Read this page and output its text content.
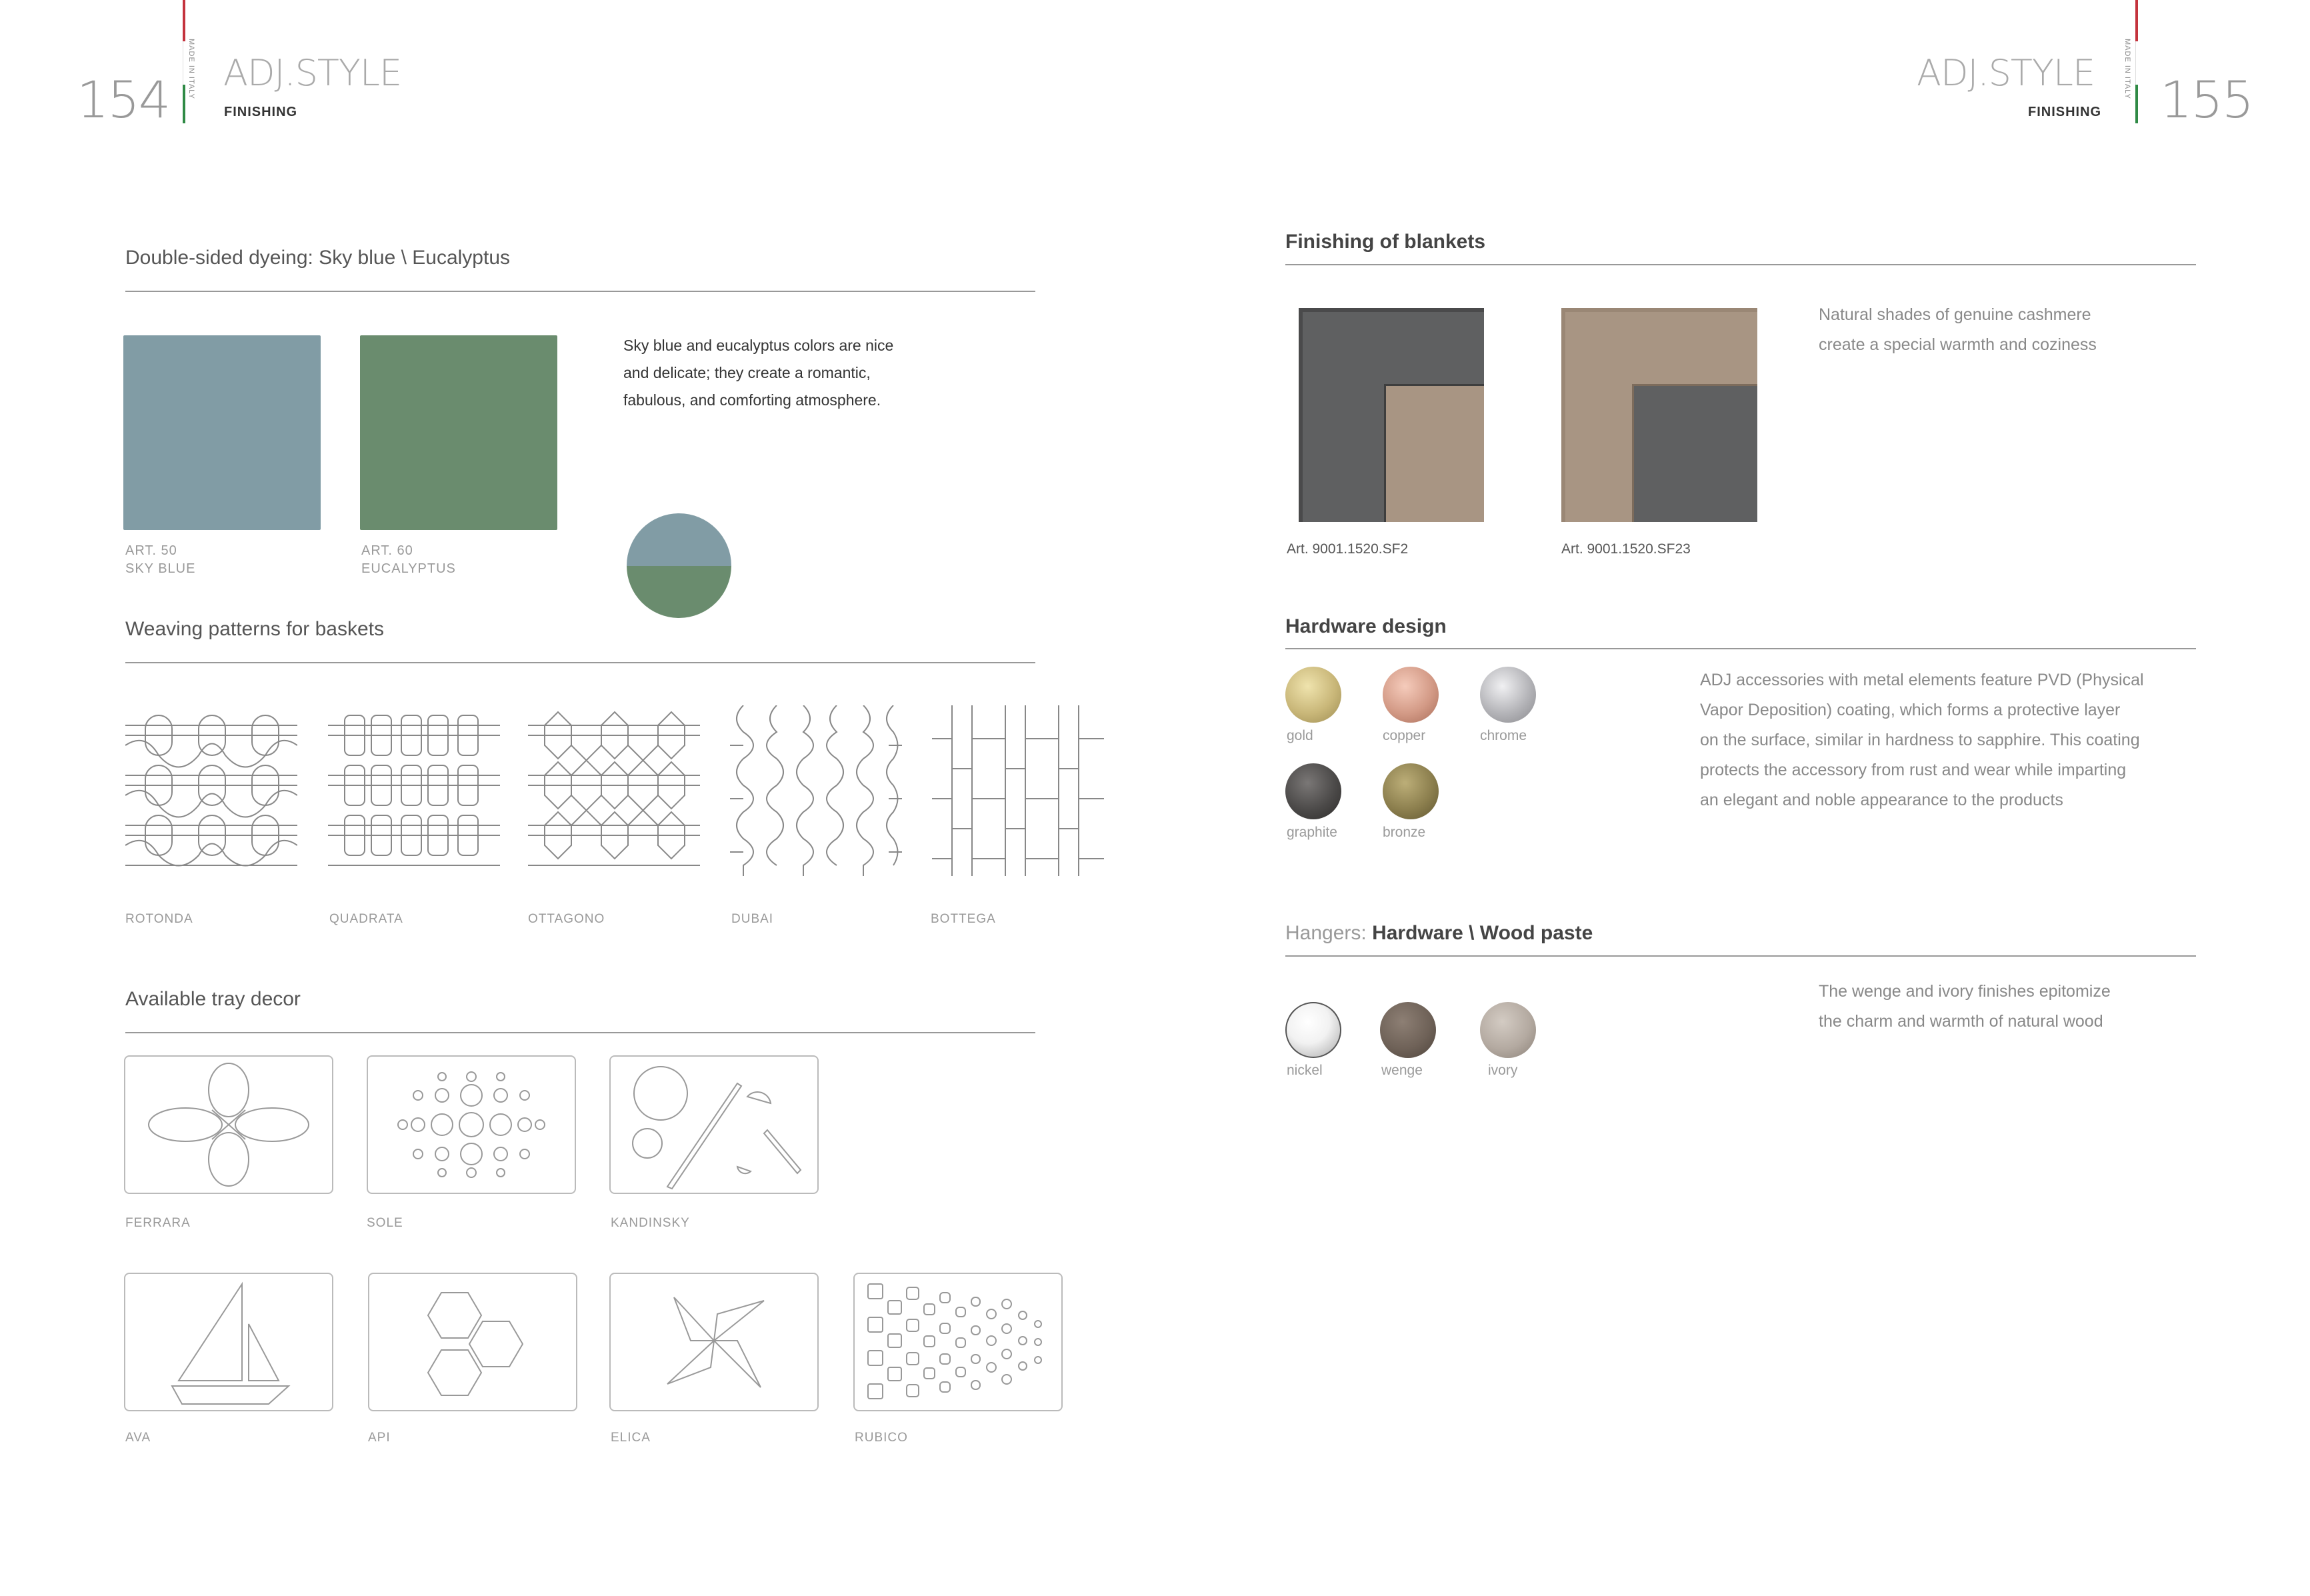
154
MADE IN ITALY ADJ.STYLE
FINISHING
ADJ.STYLE
FINISHING
MADE IN ITALY
155
Double-sided dyeing: Sky blue \ Eucalyptus
ART. 50
SKY BLUE
ART. 60
EUCALYPTUS
Sky blue and eucalyptus colors are nice
and delicate; they create a romantic,
fabulous, and comforting atmosphere.
Weaving patterns for baskets
ROTONDA	QUADRATA	OTTAGONO	DUBAI	BOTTEGA
Available tray decor
FERRARA	SOLE	KANDINSKY
AVA	API	ELICA	RUBICO
Finishing of blankets
Art. 9001.1520.SF2	Art. 9001.1520.SF23
Natural shades of genuine cashmere
create a special warmth and coziness
Hardware design
gold	copper	chrome
graphite	bronze
ADJ accessories with metal elements feature PVD (Physical
Vapor Deposition) coating, which forms a protective layer
on the surface, similar in hardness to sapphire. This coating
protects the accessory from rust and wear while imparting
an elegant and noble appearance to the products
Hangers: Hardware \ Wood paste
nickel	wenge	ivory
The wenge and ivory finishes epitomize
the charm and warmth of natural wood
